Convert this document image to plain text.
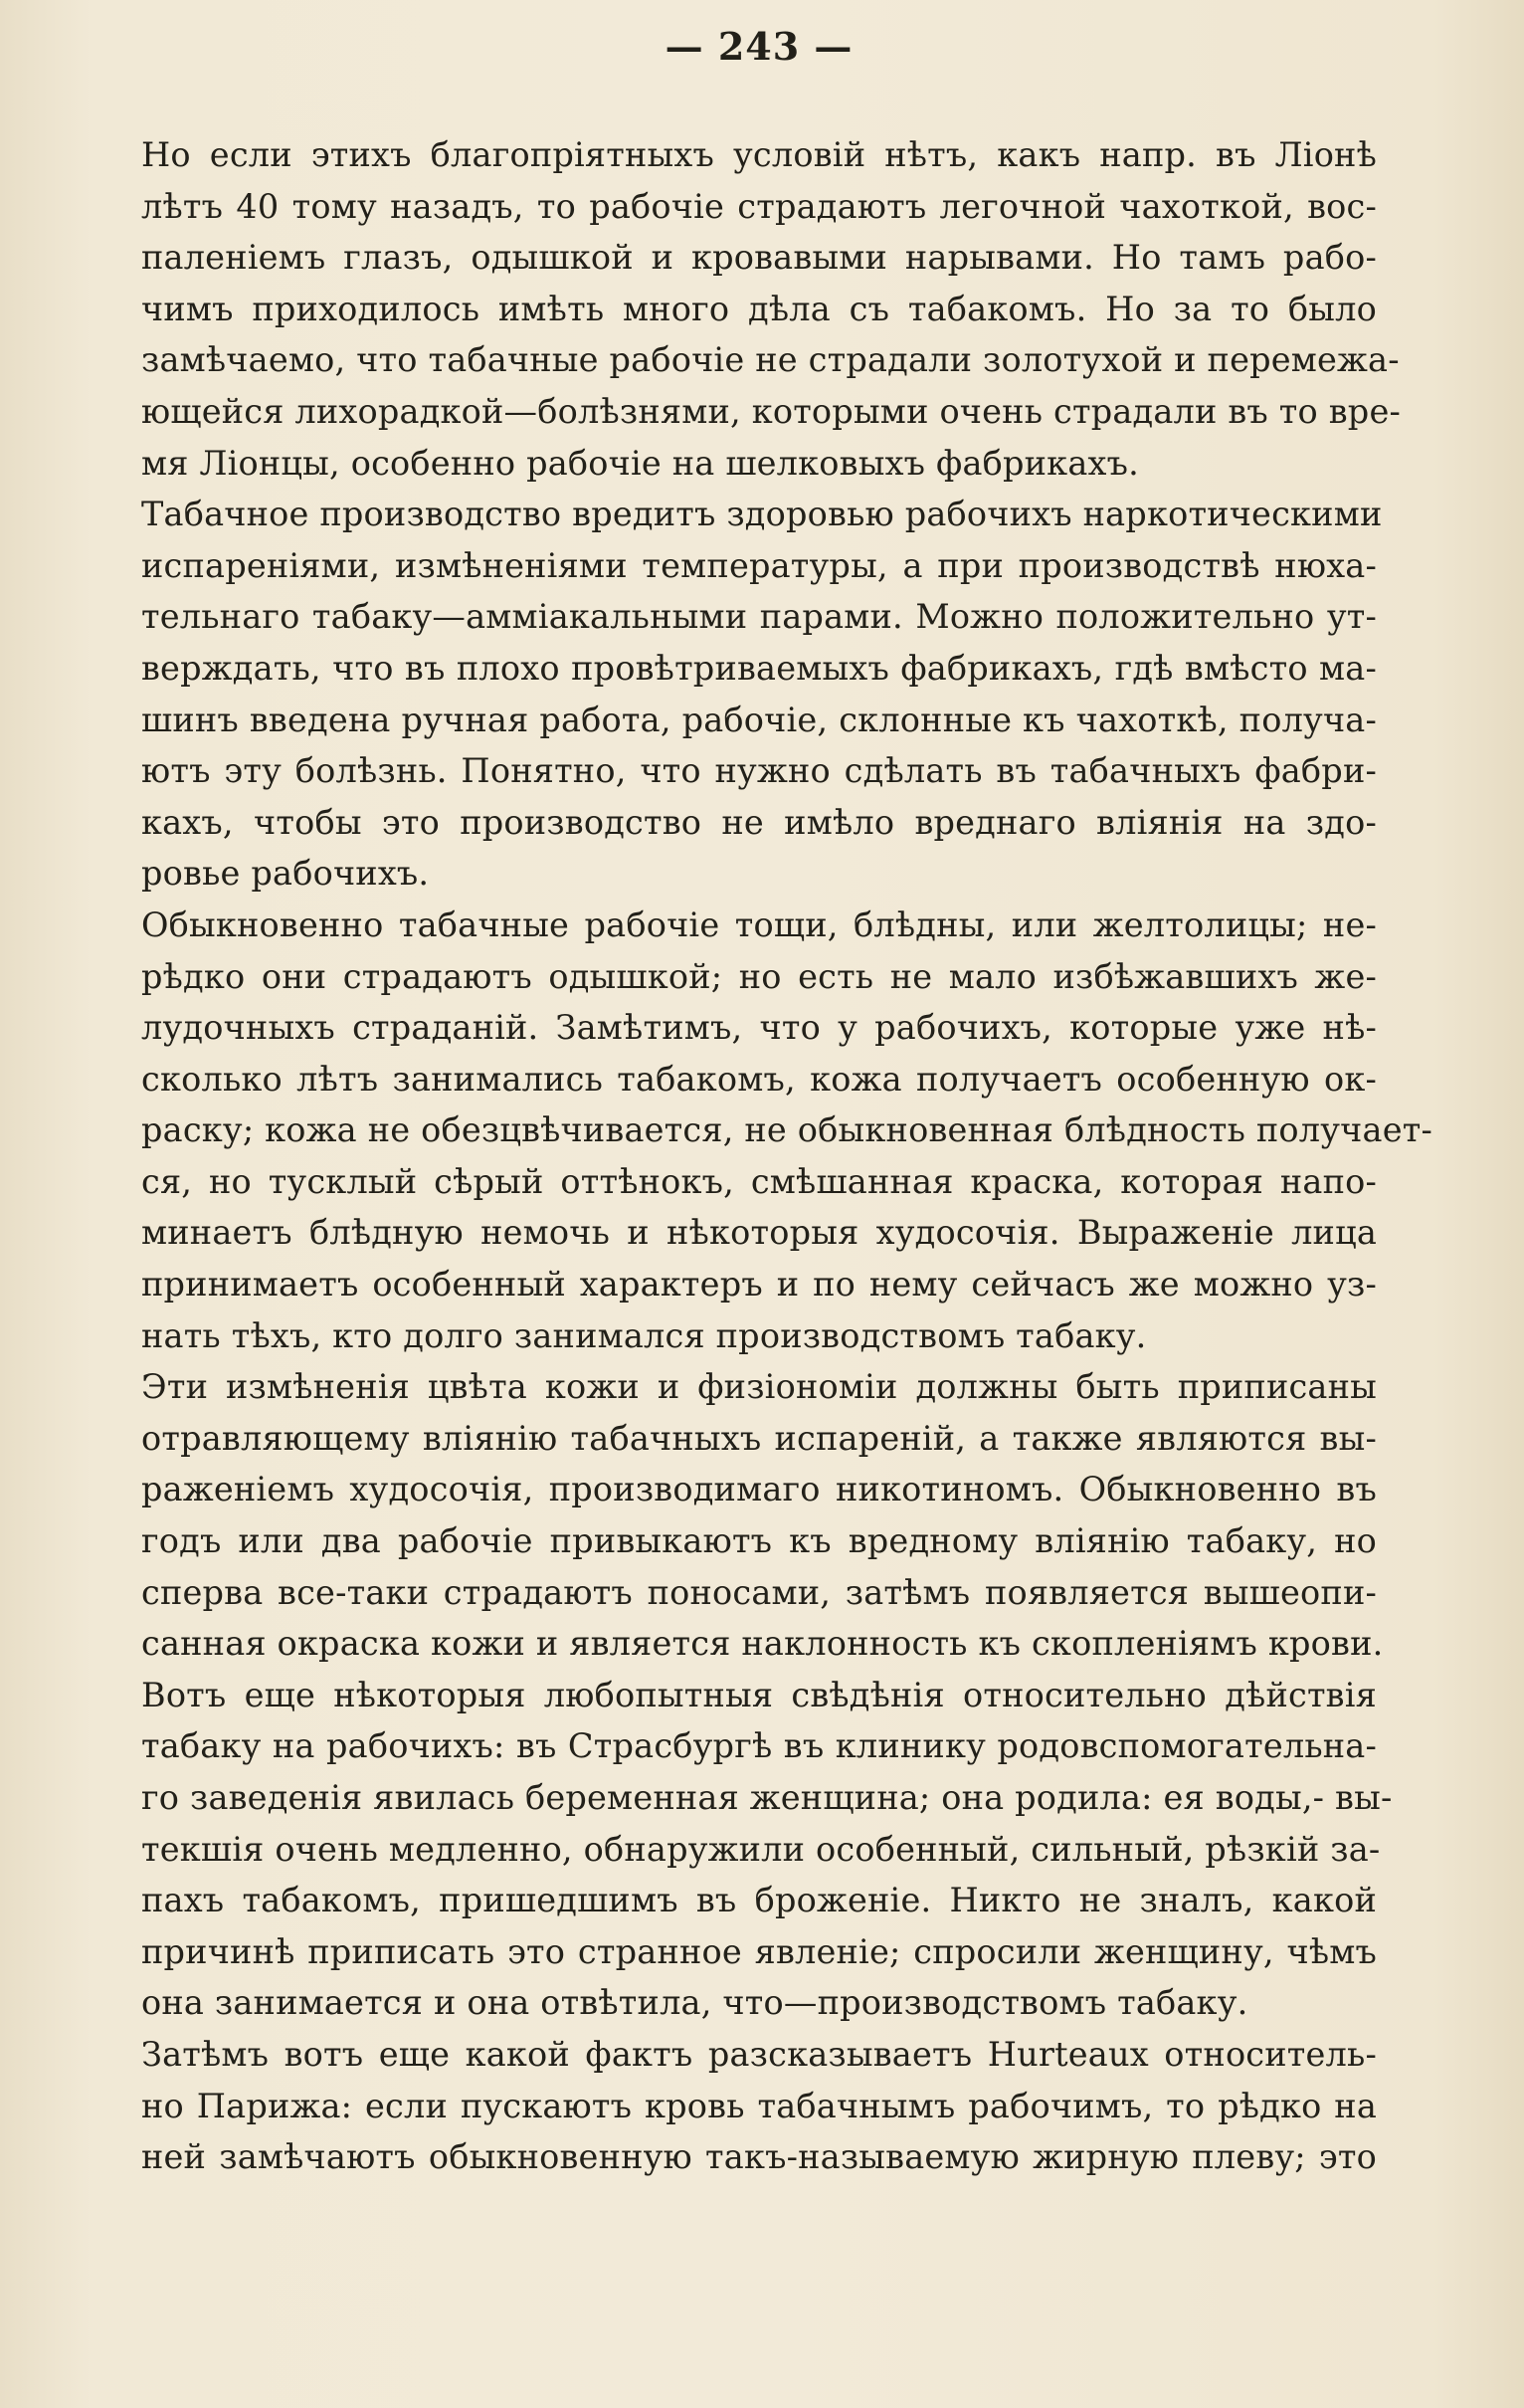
— 243 —

Но если этихъ благопріятныхъ условій нѣтъ, какъ напр. въ Ліонѣ
лѣтъ 40 тому назадъ, то рабочіе страдаютъ легочной чахоткой, вос-
паленіемъ глазъ, одышкой и кровавыми нарывами. Но тамъ рабо-
чимъ приходилось имѣть много дѣла съ табакомъ. Но за то было
замѣчаемо, что табачные рабочіе не страдали золотухой и перемежа-
ющейся лихорадкой—болѣзнями, которыми очень страдали въ то вре-
мя Ліонцы, особенно рабочіе на шелковыхъ фабрикахъ.

Табачное производство вредитъ здоровью рабочихъ наркотическими
испареніями, измѣненіями температуры, а при производствѣ нюха-
тельнаго табаку—амміакальными парами. Можно положительно ут-
верждать, что въ плохо провѣтриваемыхъ фабрикахъ, гдѣ вмѣсто ма-
шинъ введена ручная работа, рабочіе, склонные къ чахоткѣ, получа-
ютъ эту болѣзнь. Понятно, что нужно сдѣлать въ табачныхъ фабри-
кахъ, чтобы это производство не имѣло вреднаго вліянія на здо-
ровье рабочихъ.

Обыкновенно табачные рабочіе тощи, блѣдны, или желтолицы; не-
рѣдко они страдаютъ одышкой; но есть не мало избѣжавшихъ же-
лудочныхъ страданій. Замѣтимъ, что у рабочихъ, которые уже нѣ-
сколько лѣтъ занимались табакомъ, кожа получаетъ особенную ок-
раску; кожа не обезцвѣчивается, не обыкновенная блѣдность получает-
ся, но тусклый сѣрый оттѣнокъ, смѣшанная краска, которая напо-
минаетъ блѣдную немочь и нѣкоторыя худосочія. Выраженіе лица
принимаетъ особенный характеръ и по нему сейчасъ же можно уз-
нать тѣхъ, кто долго занимался производствомъ табаку.

Эти измѣненія цвѣта кожи и физіономіи должны быть приписаны
отравляющему вліянію табачныхъ испареній, а также являются вы-
раженіемъ худосочія, производимаго никотиномъ. Обыкновенно въ
годъ или два рабочіе привыкаютъ къ вредному вліянію табаку, но
сперва все-таки страдаютъ поносами, затѣмъ появляется вышеопи-
санная окраска кожи и является наклонность къ скопленіямъ крови.

Вотъ еще нѣкоторыя любопытныя свѣдѣнія относительно дѣйствія
табаку на рабочихъ: въ Страсбургѣ въ клинику родовспомогательна-
го заведенія явилась беременная женщина; она родила: ея воды,- вы-
текшія очень медленно, обнаружили особенный, сильный, рѣзкій за-
пахъ табакомъ, пришедшимъ въ броженіе. Никто не зналъ, какой
причинѣ приписать это странное явленіе; спросили женщину, чѣмъ
она занимается и она отвѣтила, что—производствомъ табаку.

Затѣмъ вотъ еще какой фактъ разсказываетъ Hurteaux относитель-
но Парижа: если пускаютъ кровь табачнымъ рабочимъ, то рѣдко на
ней замѣчаютъ обыкновенную такъ-называемую жирную плеву; это
